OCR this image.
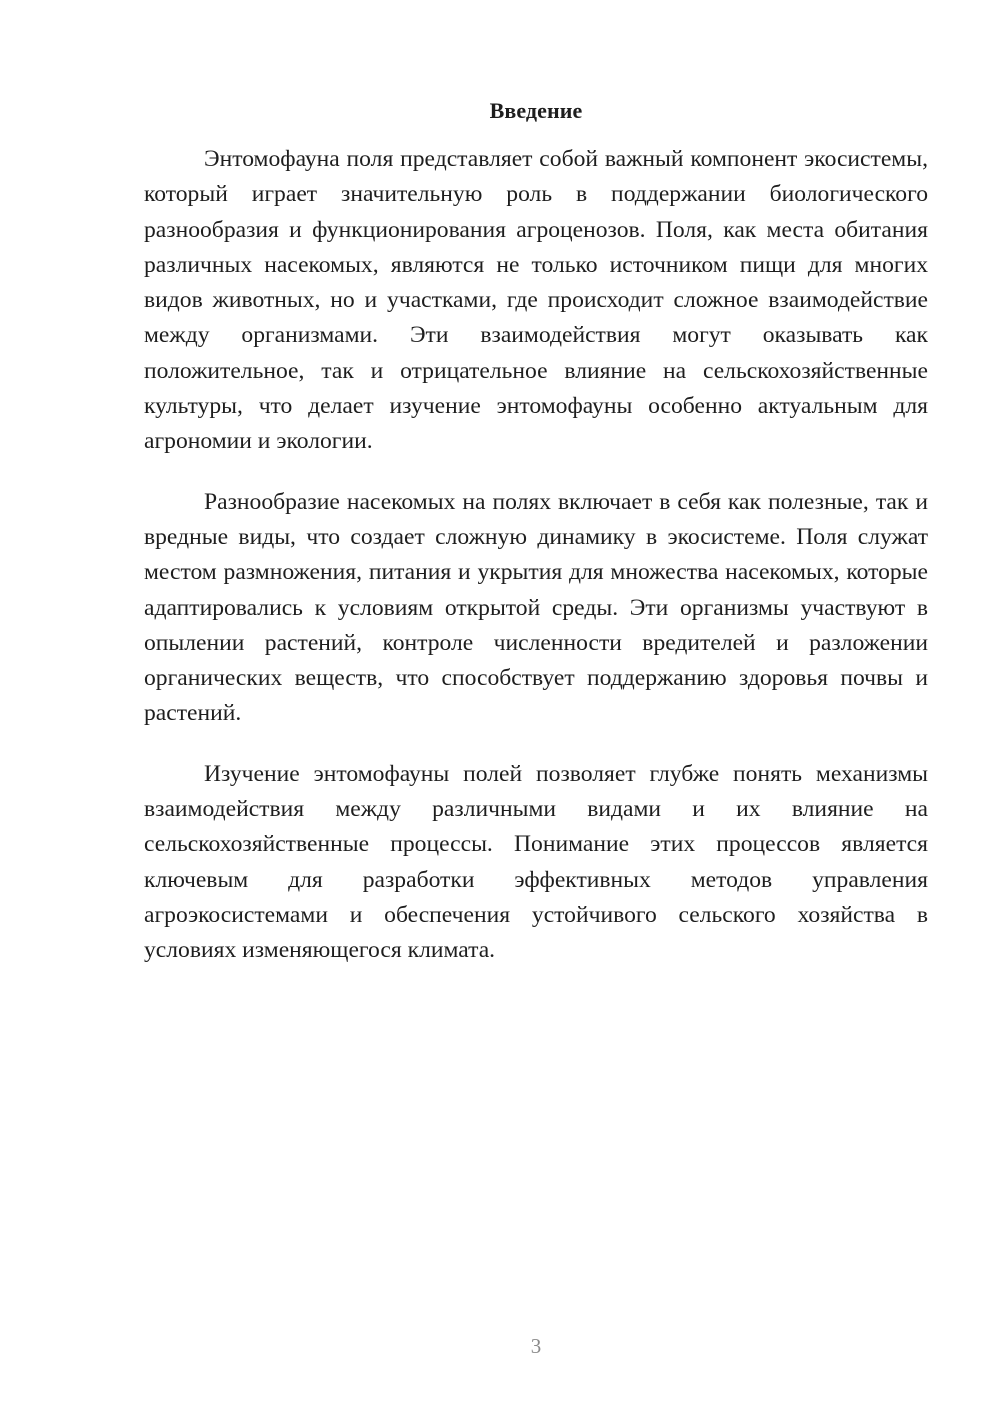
Введение

Энтомофауна поля представляет собой важный компонент экосистемы, который играет значительную роль в поддержании биологического разнообразия и функционирования агроценозов. Поля, как места обитания различных насекомых, являются не только источником пищи для многих видов животных, но и участками, где происходит сложное взаимодействие между организмами. Эти взаимодействия могут оказывать как положительное, так и отрицательное влияние на сельскохозяйственные культуры, что делает изучение энтомофауны особенно актуальным для агрономии и экологии.

Разнообразие насекомых на полях включает в себя как полезные, так и вредные виды, что создает сложную динамику в экосистеме. Поля служат местом размножения, питания и укрытия для множества насекомых, которые адаптировались к условиям открытой среды. Эти организмы участвуют в опылении растений, контроле численности вредителей и разложении органических веществ, что способствует поддержанию здоровья почвы и растений.

Изучение энтомофауны полей позволяет глубже понять механизмы взаимодействия между различными видами и их влияние на сельскохозяйственные процессы. Понимание этих процессов является ключевым для разработки эффективных методов управления агроэкосистемами и обеспечения устойчивого сельского хозяйства в условиях изменяющегося климата.

3
